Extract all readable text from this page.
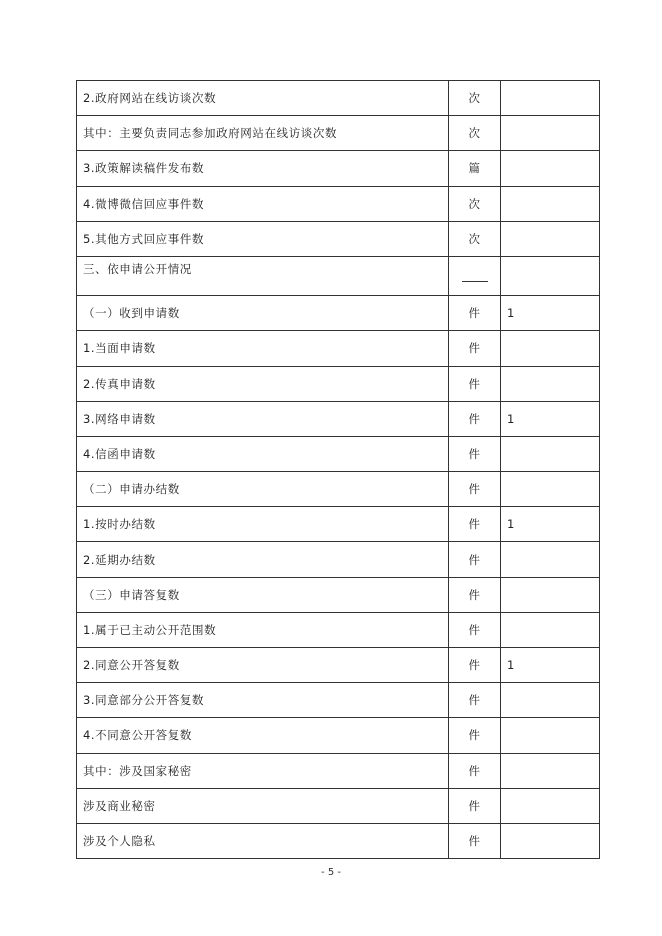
2.政府网站在线访谈次数	次	
其中：主要负责同志参加政府网站在线访谈次数	次	
3.政策解读稿件发布数	篇	
4.微博微信回应事件数	次	
5.其他方式回应事件数	次	
三、依申请公开情况		
（一）收到申请数	件	1
1.当面申请数	件	
2.传真申请数	件	
3.网络申请数	件	1
4.信函申请数	件	
（二）申请办结数	件	
1.按时办结数	件	1
2.延期办结数	件	
（三）申请答复数	件	
1.属于已主动公开范围数	件	
2.同意公开答复数	件	1
3.同意部分公开答复数	件	
4.不同意公开答复数	件	
其中：涉及国家秘密	件	
涉及商业秘密	件	
涉及个人隐私	件	
- 5 -
